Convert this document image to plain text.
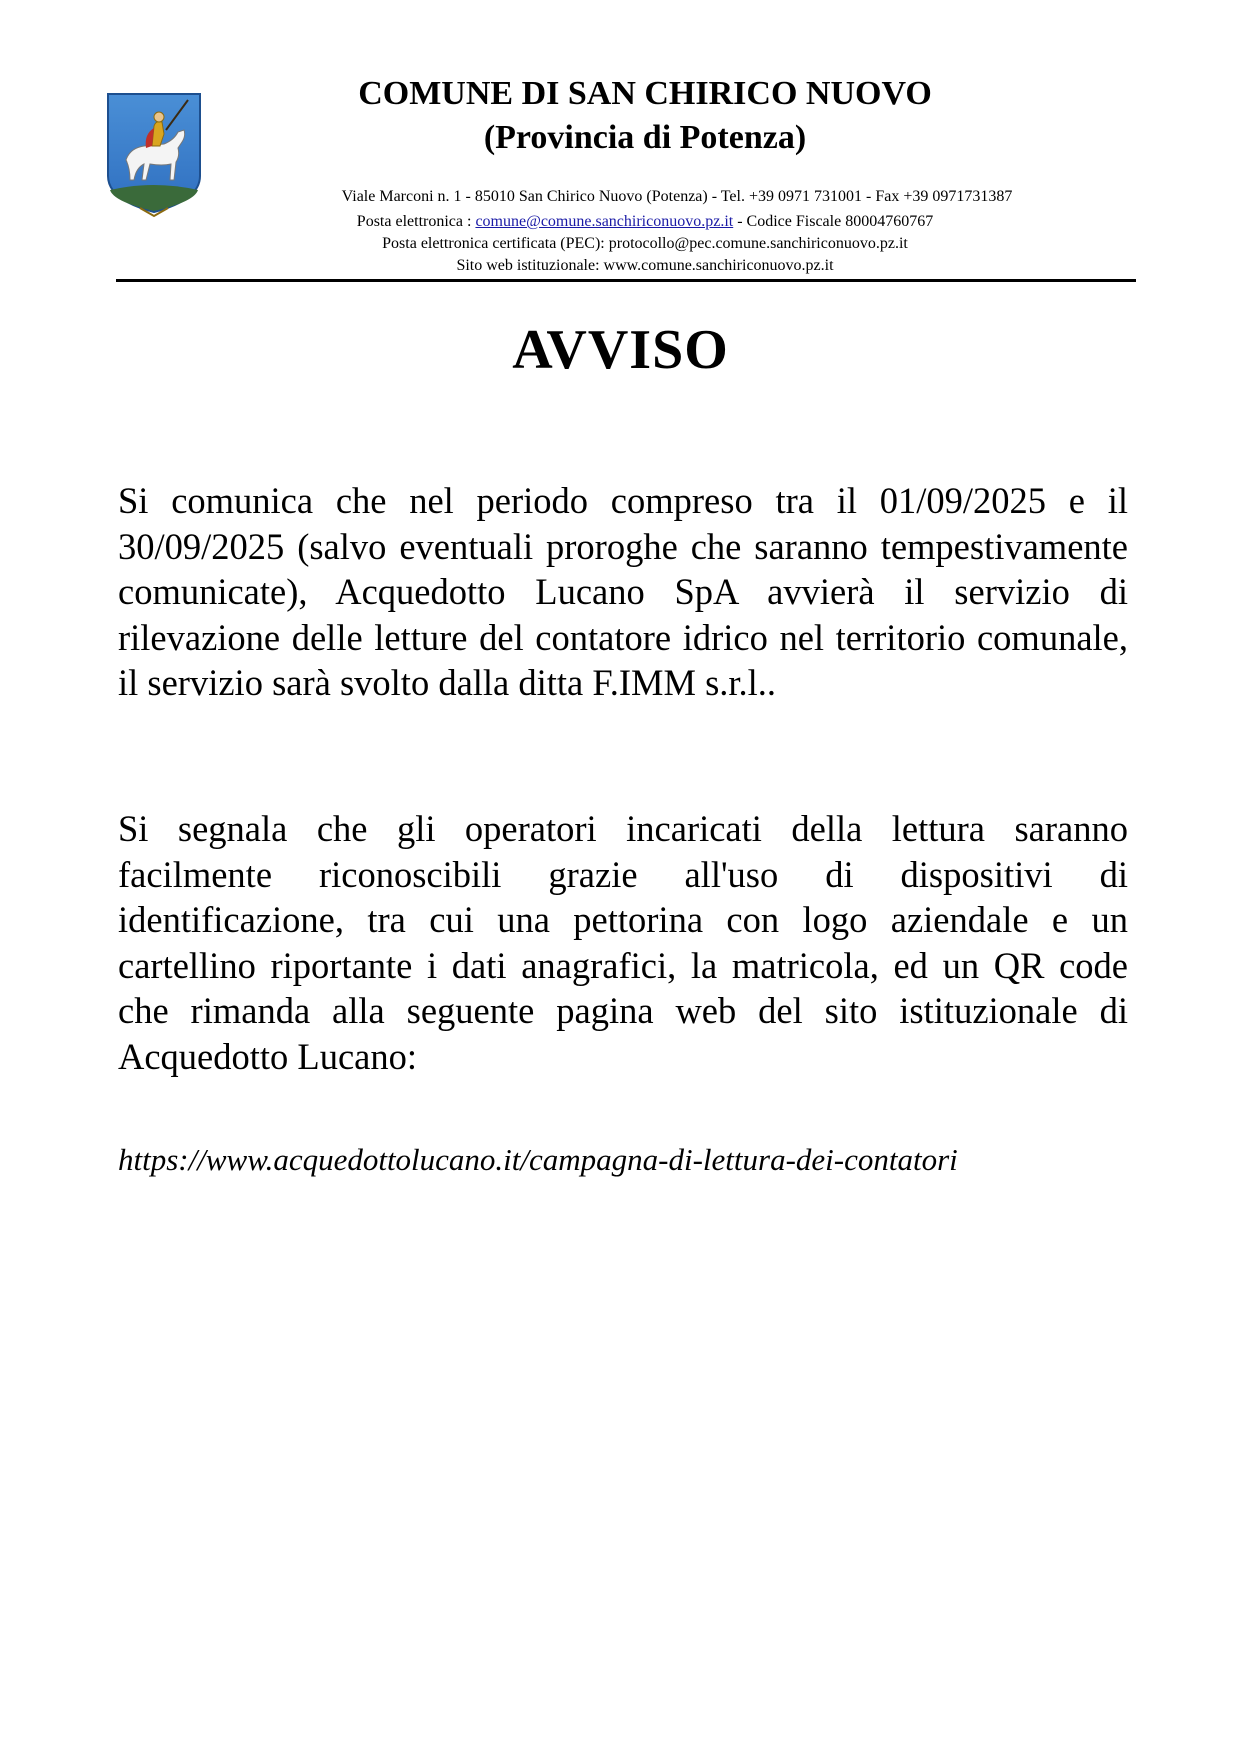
COMUNE DI SAN CHIRICO NUOVO
(Provincia di Potenza)

Viale Marconi n. 1 - 85010 San Chirico Nuovo (Potenza) - Tel. +39 0971 731001 - Fax +39 0971731387

Posta elettronica : comune@comune.sanchiriconuovo.pz.it - Codice Fiscale 80004760767

Posta elettronica certificata (PEC): protocollo@pec.comune.sanchiriconuovo.pz.it

Sito web istituzionale: www.comune.sanchiriconuovo.pz.it

AVVISO

Si comunica che nel periodo compreso tra il 01/09/2025 e il 30/09/2025 (salvo eventuali proroghe che saranno tempestivamente comunicate), Acquedotto Lucano SpA avvierà il servizio di rilevazione delle letture del contatore idrico nel territorio comunale, il servizio sarà svolto dalla ditta F.IMM s.r.l..

Si segnala che gli operatori incaricati della lettura saranno facilmente riconoscibili grazie all'uso di dispositivi di identificazione, tra cui una pettorina con logo aziendale e un cartellino riportante i dati anagrafici, la matricola, ed un QR code che rimanda alla seguente pagina web del sito istituzionale di Acquedotto Lucano:

https://www.acquedottolucano.it/campagna-di-lettura-dei-contatori
